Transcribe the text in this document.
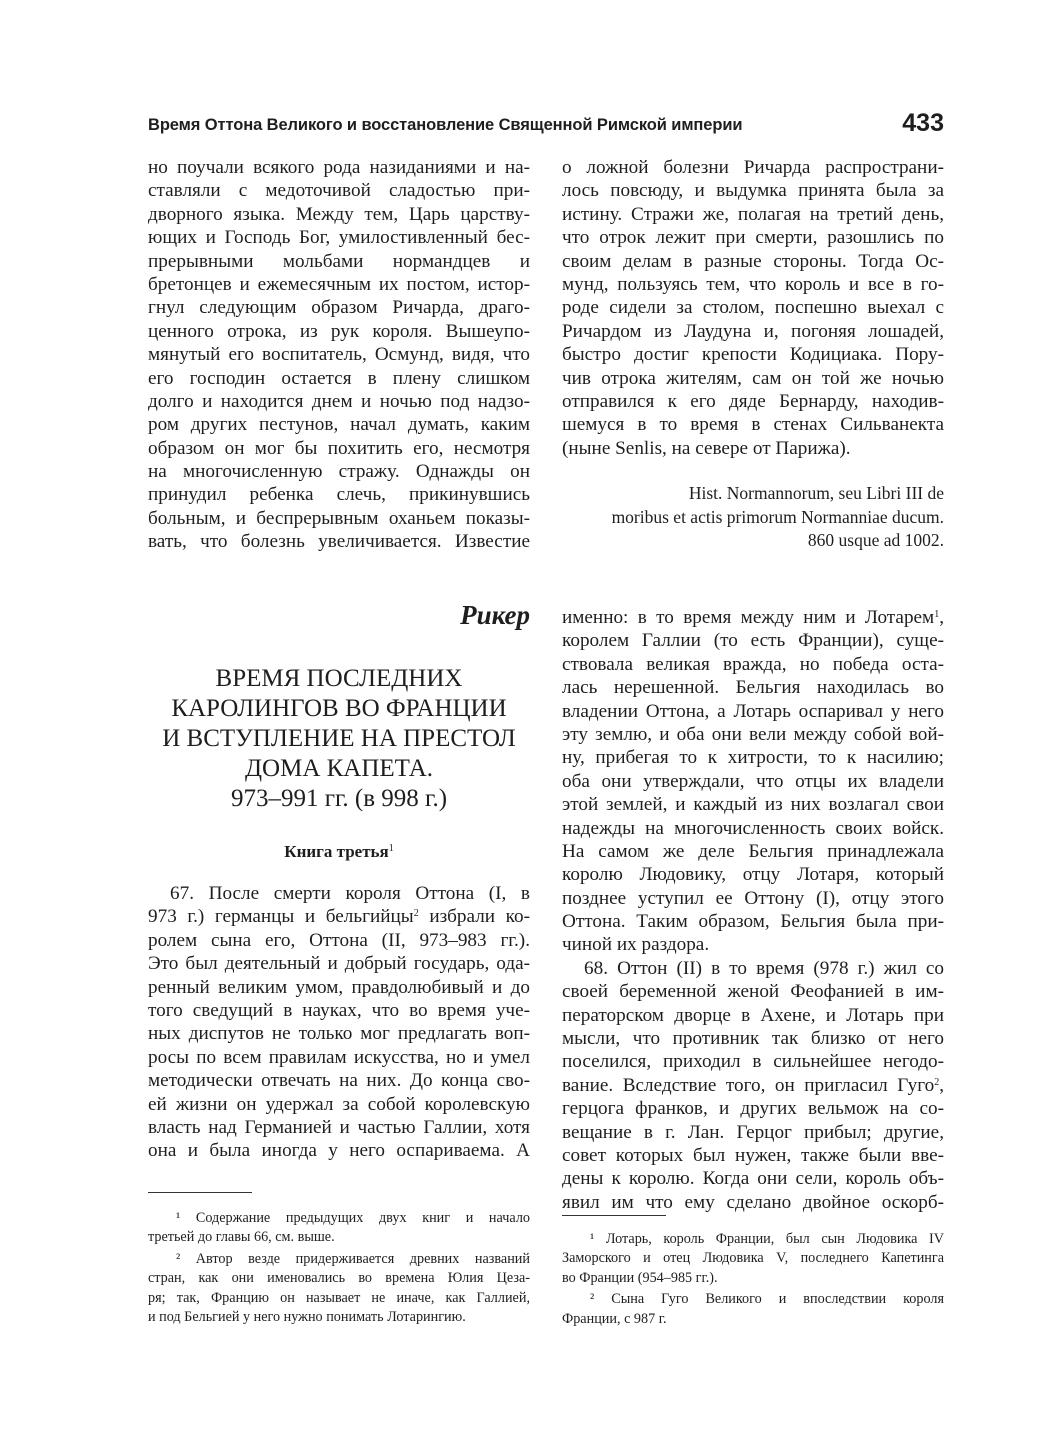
Время Оттона Великого и восстановление Священной Римской империи	433
но поучали всякого рода назиданиями и на-
ставляли с медоточивой сладостью при-
дворного языка. Между тем, Царь царству-
ющих и Господь Бог, умилостивленный бес-
прерывными мольбами нормандцев и
бретонцев и ежемесячным их постом, истор-
гнул следующим образом Ричарда, драго-
ценного отрока, из рук короля. Вышеупо-
мянутый его воспитатель, Осмунд, видя, что
его господин остается в плену слишком
долго и находится днем и ночью под надзо-
ром других пестунов, начал думать, каким
образом он мог бы похитить его, несмотря
на многочисленную стражу. Однажды он
принудил ребенка слечь, прикинувшись
больным, и беспрерывным оханьем показы-
вать, что болезнь увеличивается. Известие
о ложной болезни Ричарда распространи-
лось повсюду, и выдумка принята была за
истину. Стражи же, полагая на третий день,
что отрок лежит при смерти, разошлись по
своим делам в разные стороны. Тогда Ос-
мунд, пользуясь тем, что король и все в го-
роде сидели за столом, поспешно выехал с
Ричардом из Лаудуна и, погоняя лошадей,
быстро достиг крепости Кодициака. Пору-
чив отрока жителям, сам он той же ночью
отправился к его дяде Бернарду, находив-
шемуся в то время в стенах Сильванекта
(ныне Senlis, на севере от Парижа).
Hist. Normannorum, seu Libri III de
moribus et actis primorum Normanniae ducum.
860 usque ad 1002.
Рикер
ВРЕМЯ ПОСЛЕДНИХ
КАРОЛИНГОВ ВО ФРАНЦИИ
И ВСТУПЛЕНИЕ НА ПРЕСТОЛ
ДОМА КАПЕТА.
973–991 гг. (в 998 г.)
Книга третья$^1$
67. После смерти короля Оттона (I, в
973 г.) германцы и бельгийцы$^2$ избрали ко-
ролем сына его, Оттона (II, 973–983 гг.).
Это был деятельный и добрый государь, ода-
ренный великим умом, правдолюбивый и до
того сведущий в науках, что во время уче-
ных диспутов не только мог предлагать воп-
росы по всем правилам искусства, но и умел
методически отвечать на них. До конца сво-
ей жизни он удержал за собой королевскую
власть над Германией и частью Галлии, хотя
она и была иногда у него оспариваема. А
именно: в то время между ним и Лотарем$^1$,
королем Галлии (то есть Франции), суще-
ствовала великая вражда, но победа оста-
лась нерешенной. Бельгия находилась во
владении Оттона, а Лотарь оспаривал у него
эту землю, и оба они вели между собой вой-
ну, прибегая то к хитрости, то к насилию;
оба они утверждали, что отцы их владели
этой землей, и каждый из них возлагал свои
надежды на многочисленность своих войск.
На самом же деле Бельгия принадлежала
королю Людовику, отцу Лотаря, который
позднее уступил ее Оттону (I), отцу этого
Оттона. Таким образом, Бельгия была при-
чиной их раздора.
68. Оттон (II) в то время (978 г.) жил со
своей беременной женой Феофанией в им-
ператорском дворце в Ахене, и Лотарь при
мысли, что противник так близко от него
поселился, приходил в сильнейшее негодо-
вание. Вследствие того, он пригласил Гуго$^2$,
герцога франков, и других вельмож на со-
вещание в г. Лан. Герцог прибыл; другие,
совет которых был нужен, также были вве-
дены к королю. Когда они сели, король объ-
явил им что ему сделано двойное оскорб-
¹ Содержание предыдущих двух книг и начало
третьей до главы 66, см. выше.
² Автор везде придерживается древних названий
стран, как они именовались во времена Юлия Цеза-
ря; так, Францию он называет не иначе, как Галлией,
и под Бельгией у него нужно понимать Лотарингию.
¹ Лотарь, король Франции, был сын Людовика IV
Заморского и отец Людовика V, последнего Капетинга
во Франции (954–985 гг.).
² Сына Гуго Великого и впоследствии короля
Франции, с 987 г.
